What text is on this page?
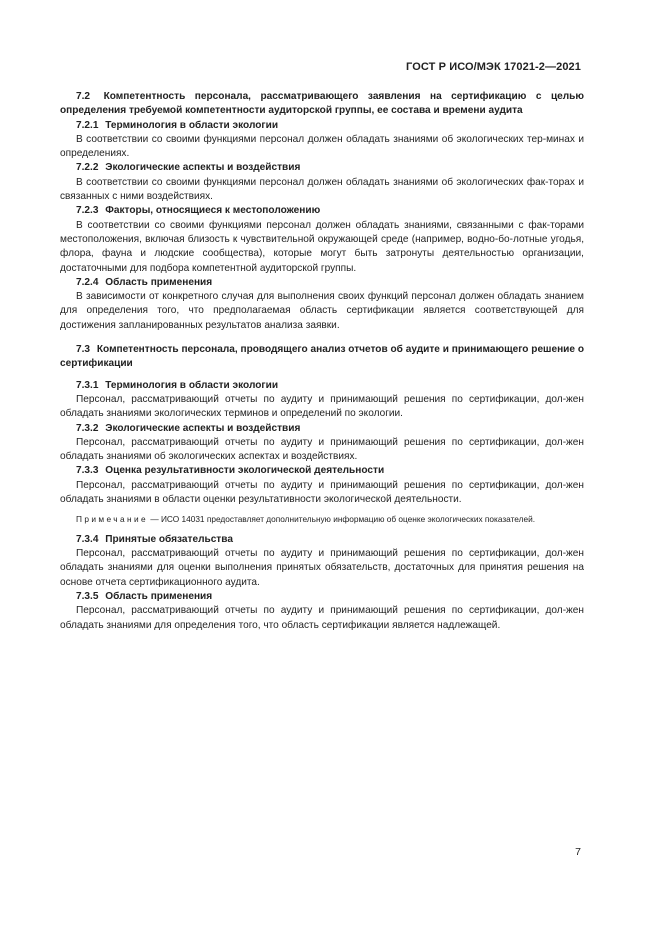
ГОСТ Р ИСО/МЭК 17021-2—2021

7.2 Компетентность персонала, рассматривающего заявления на сертификацию с целью определения требуемой компетентности аудиторской группы, ее состава и времени аудита

7.2.1 Терминология в области экологии

В соответствии со своими функциями персонал должен обладать знаниями об экологических тер-минах и определениях.

7.2.2 Экологические аспекты и воздействия

В соответствии со своими функциями персонал должен обладать знаниями об экологических фак-торах и связанных с ними воздействиях.

7.2.3 Факторы, относящиеся к местоположению

В соответствии со своими функциями персонал должен обладать знаниями, связанными с фак-торами местоположения, включая близость к чувствительной окружающей среде (например, водно-бо-лотные угодья, флора, фауна и людские сообщества), которые могут быть затронуты деятельностью организации, достаточными для подбора компетентной аудиторской группы.

7.2.4 Область применения

В зависимости от конкретного случая для выполнения своих функций персонал должен обладать знанием для определения того, что предполагаемая область сертификации является соответствующей для достижения запланированных результатов анализа заявки.

7.3 Компетентность персонала, проводящего анализ отчетов об аудите и принимающего решение о сертификации

7.3.1 Терминология в области экологии

Персонал, рассматривающий отчеты по аудиту и принимающий решения по сертификации, дол-жен обладать знаниями экологических терминов и определений по экологии.

7.3.2 Экологические аспекты и воздействия

Персонал, рассматривающий отчеты по аудиту и принимающий решения по сертификации, дол-жен обладать знаниями об экологических аспектах и воздействиях.

7.3.3 Оценка результативности экологической деятельности

Персонал, рассматривающий отчеты по аудиту и принимающий решения по сертификации, дол-жен обладать знаниями в области оценки результативности экологической деятельности.

Примечание — ИСО 14031 предоставляет дополнительную информацию об оценке экологических показателей.

7.3.4 Принятые обязательства

Персонал, рассматривающий отчеты по аудиту и принимающий решения по сертификации, дол-жен обладать знаниями для оценки выполнения принятых обязательств, достаточных для принятия решения на основе отчета сертификационного аудита.

7.3.5 Область применения

Персонал, рассматривающий отчеты по аудиту и принимающий решения по сертификации, дол-жен обладать знаниями для определения того, что область сертификации является надлежащей.

7
